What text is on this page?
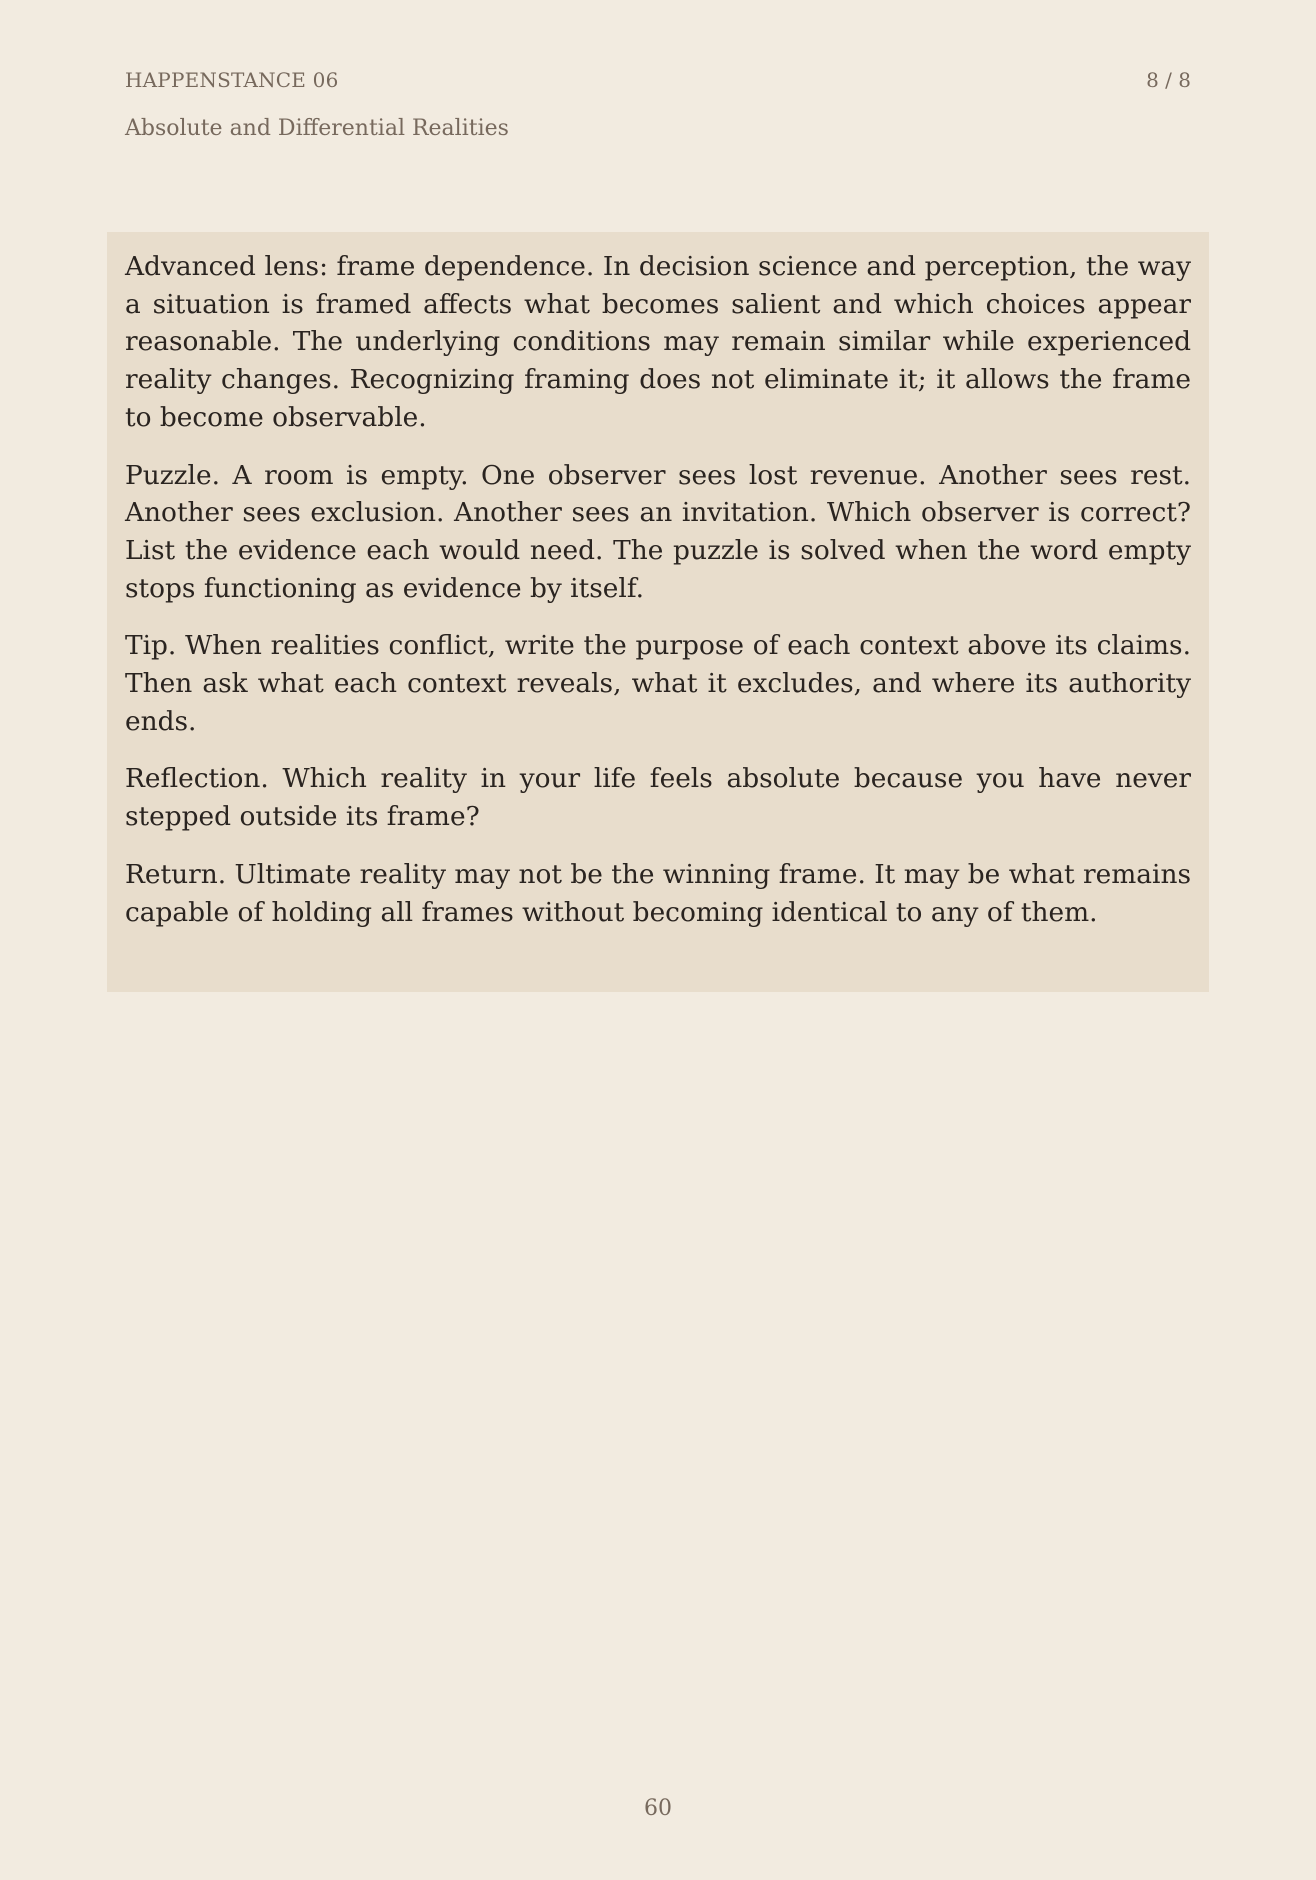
HAPPENSTANCE 06	8 / 8
Absolute and Differential Realities

Advanced lens: frame dependence. In decision science and perception, the way a situation is framed affects what becomes salient and which choices appear reasonable. The underlying conditions may remain similar while experienced reality changes. Recognizing framing does not eliminate it; it allows the frame to become observable.

Puzzle. A room is empty. One observer sees lost revenue. Another sees rest. Another sees exclusion. Another sees an invitation. Which observer is correct? List the evidence each would need. The puzzle is solved when the word empty stops functioning as evidence by itself.

Tip. When realities conflict, write the purpose of each context above its claims. Then ask what each context reveals, what it excludes, and where its authority ends.

Reflection. Which reality in your life feels absolute because you have never stepped outside its frame?

Return. Ultimate reality may not be the winning frame. It may be what remains capable of holding all frames without becoming identical to any of them.

60
